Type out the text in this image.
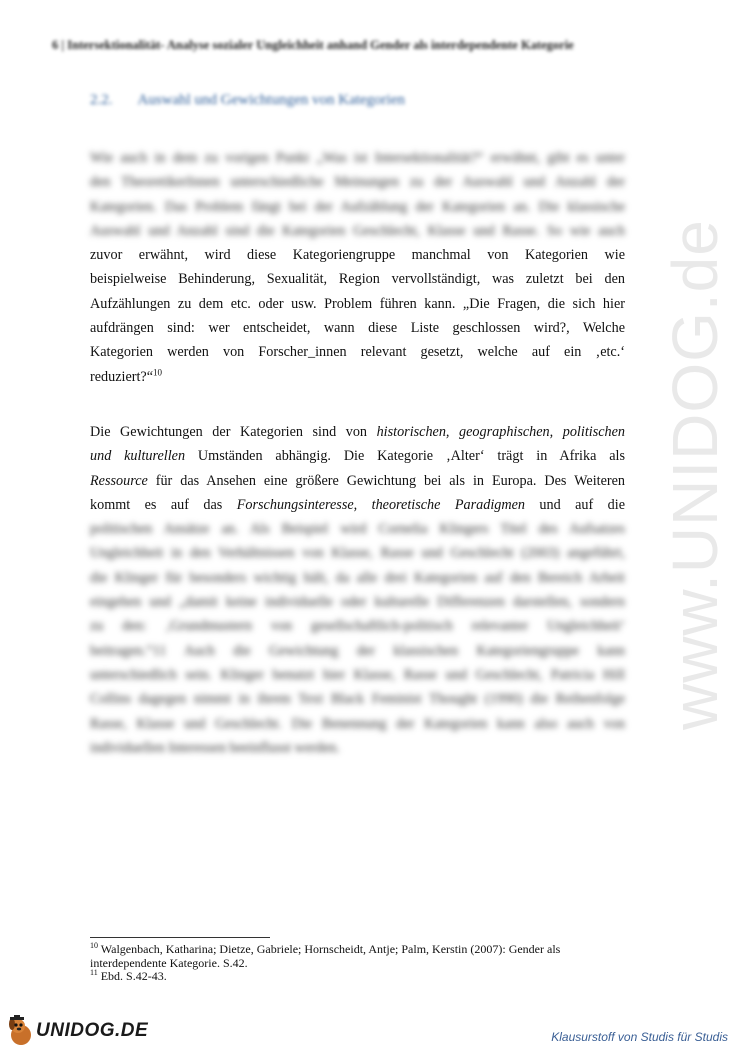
6 | Intersektionalität- Analyse sozialer Ungleichheit anhand Gender als interdependente Kategorie
2.2. Auswahl und Gewichtungen von Kategorien
www.UNIDOG.de
Wie auch in dem zu vorigen Punkt „Was ist Intersektionalität?“ erwähnt, gibt es unter
den TheoretikerInnen unterschiedliche Meinungen zu der Auswahl und Anzahl der
Kategorien. Das Problem fängt bei der Aufzählung der Kategorien an. Die klassische
Auswahl und Anzahl sind die Kategorien Geschlecht, Klasse und Rasse. So wie auch
zuvor erwähnt, wird diese Kategoriengruppe manchmal von Kategorien wie
beispielweise Behinderung, Sexualität, Region vervollständigt, was zuletzt bei den
Aufzählungen zu dem etc. oder usw. Problem führen kann. „Die Fragen, die sich hier
aufdrängen sind: wer entscheidet, wann diese Liste geschlossen wird?, Welche
Kategorien werden von Forscher_innen relevant gesetzt, welche auf ein ‚etc.‘
reduziert?“$^{10}$
Die Gewichtungen der Kategorien sind von historischen, geographischen, politischen
und kulturellen Umständen abhängig. Die Kategorie ‚Alter‘ trägt in Afrika als
Ressource für das Ansehen eine größere Gewichtung bei als in Europa. Des Weiteren
kommt es auf das Forschungsinteresse, theoretische Paradigmen und auf die
politischen Ansätze an. Als Beispiel wird Cornelia Klingers Titel des Aufsatzes
Ungleichheit in den Verhältnissen von Klasse, Rasse und Geschlecht (2003) angeführt,
die Klinger für besonders wichtig hält, da alle drei Kategorien auf den Bereich Arbeit
eingehen und „damit keine individuelle oder kulturelle Differenzen darstellen, sondern
zu den: ‚Grundmustern von gesellschaftlich-politisch relevanter Ungleichheit‘
beitragen.“11 Auch die Gewichtung der klassischen Kategoriengruppe kann
unterschiedlich sein. Klinger benutzt hier Klasse, Rasse und Geschlecht, Patricia Hill
Collins dagegen nimmt in ihrem Text Black Feminist Thought (1990) die Reihenfolge
Rasse, Klasse und Geschlecht. Die Benennung der Kategorien kann also auch von
individuellen Interessen beeinflusst werden.
$^{10}$ Walgenbach, Katharina; Dietze, Gabriele; Hornscheidt, Antje; Palm, Kerstin (2007): Gender als interdependente Kategorie. S.42.
$^{11}$ Ebd. S.42-43.
UNIDOG.DE	Klausurstoff von Studis für Studis
